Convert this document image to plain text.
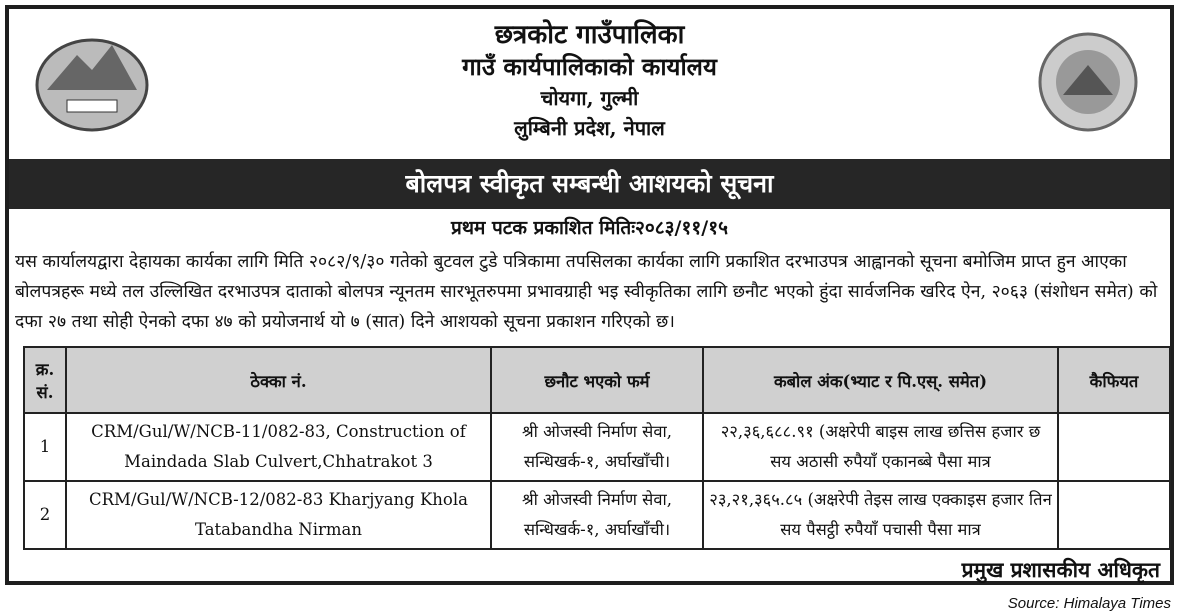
छत्रकोट गाउँपालिका
गाउँ कार्यपालिकाको कार्यालय
चोयगा, गुल्मी
लुम्बिनी प्रदेश, नेपाल
बोलपत्र स्वीकृत सम्बन्धी आशयको सूचना
प्रथम पटक प्रकाशित मितिः२०८३/११/१५
यस कार्यालयद्वारा देहायका कार्यका लागि मिति २०८२/९/३० गतेको बुटवल टुडे पत्रिकामा तपसिलका कार्यका लागि प्रकाशित दरभाउपत्र आह्वानको सूचना बमोजिम प्राप्त हुन आएका बोलपत्रहरू मध्ये तल उल्लिखित दरभाउपत्र दाताको बोलपत्र न्यूनतम सारभूतरुपमा प्रभावग्राही भइ स्वीकृतिका लागि छनौट भएको हुंदा सार्वजनिक खरिद ऐन, २०६३ (संशोधन समेत) को दफा २७ तथा सोही ऐनको दफा ४७ को प्रयोजनार्थ यो ७ (सात) दिने आशयको सूचना प्रकाशन गरिएको छ।
क्र. सं.	ठेक्का नं.	छनौट भएको फर्म	कबोल अंक(भ्याट र पि.एस्. समेत)	कैफियत
1	CRM/Gul/W/NCB-11/082-83, Construction of Maindada Slab Culvert,Chhatrakot 3	श्री ओजस्वी निर्माण सेवा, सन्धिखर्क-१, अर्घाखाँची।	२२,३६,६८८.९१ (अक्षरेपी बाइस लाख छत्तिस हजार छ सय अठासी रुपैयाँ एकानब्बे पैसा मात्र	
2	CRM/Gul/W/NCB-12/082-83 Kharjyang Khola Tatabandha Nirman	श्री ओजस्वी निर्माण सेवा, सन्धिखर्क-१, अर्घाखाँची।	२३,२१,३६५.८५ (अक्षरेपी तेइस लाख एक्काइस हजार तिन सय पैसट्ठी रुपैयाँ पचासी पैसा मात्र	
प्रमुख प्रशासकीय अधिकृत
Source: Himalaya Times
